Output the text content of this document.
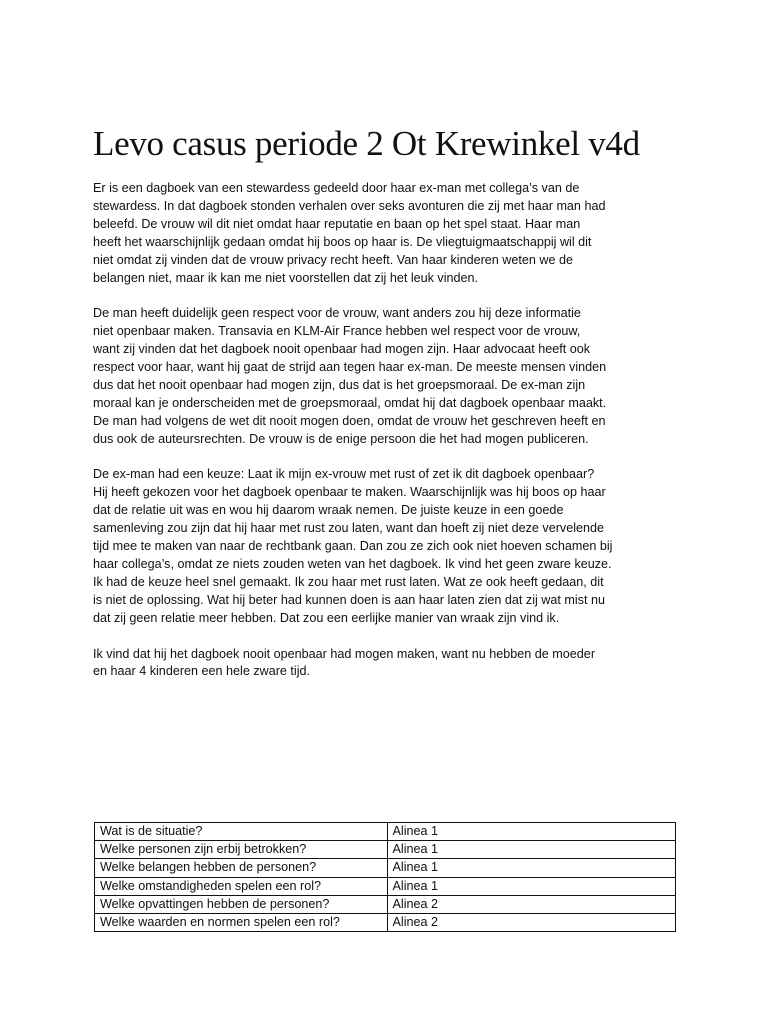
Levo casus periode 2 Ot Krewinkel v4d
Er is een dagboek van een stewardess gedeeld door haar ex-man met collega’s van de
stewardess. In dat dagboek stonden verhalen over seks avonturen die zij met haar man had
beleefd. De vrouw wil dit niet omdat haar reputatie en baan op het spel staat. Haar man
heeft het waarschijnlijk gedaan omdat hij boos op haar is. De vliegtuigmaatschappij wil dit
niet omdat zij vinden dat de vrouw privacy recht heeft. Van haar kinderen weten we de
belangen niet, maar ik kan me niet voorstellen dat zij het leuk vinden.
De man heeft duidelijk geen respect voor de vrouw, want anders zou hij deze informatie
niet openbaar maken. Transavia en KLM-Air France hebben wel respect voor de vrouw,
want zij vinden dat het dagboek nooit openbaar had mogen zijn. Haar advocaat heeft ook
respect voor haar, want hij gaat de strijd aan tegen haar ex-man. De meeste mensen vinden
dus dat het nooit openbaar had mogen zijn, dus dat is het groepsmoraal. De ex-man zijn
moraal kan je onderscheiden met de groepsmoraal, omdat hij dat dagboek openbaar maakt.
De man had volgens de wet dit nooit mogen doen, omdat de vrouw het geschreven heeft en
dus ook de auteursrechten. De vrouw is de enige persoon die het had mogen publiceren.
De ex-man had een keuze: Laat ik mijn ex-vrouw met rust of zet ik dit dagboek openbaar?
Hij heeft gekozen voor het dagboek openbaar te maken. Waarschijnlijk was hij boos op haar
dat de relatie uit was en wou hij daarom wraak nemen. De juiste keuze in een goede
samenleving zou zijn dat hij haar met rust zou laten, want dan hoeft zij niet deze vervelende
tijd mee te maken van naar de rechtbank gaan. Dan zou ze zich ook niet hoeven schamen bij
haar collega’s, omdat ze niets zouden weten van het dagboek. Ik vind het geen zware keuze.
Ik had de keuze heel snel gemaakt. Ik zou haar met rust laten. Wat ze ook heeft gedaan, dit
is niet de oplossing. Wat hij beter had kunnen doen is aan haar laten zien dat zij wat mist nu
dat zij geen relatie meer hebben. Dat zou een eerlijke manier van wraak zijn vind ik.
Ik vind dat hij het dagboek nooit openbaar had mogen maken, want nu hebben de moeder
en haar 4 kinderen een hele zware tijd.
Wat is de situatie?	Alinea 1
Welke personen zijn erbij betrokken?	Alinea 1
Welke belangen hebben de personen?	Alinea 1
Welke omstandigheden spelen een rol?	Alinea 1
Welke opvattingen hebben de personen?	Alinea 2
Welke waarden en normen spelen een rol?	Alinea 2
